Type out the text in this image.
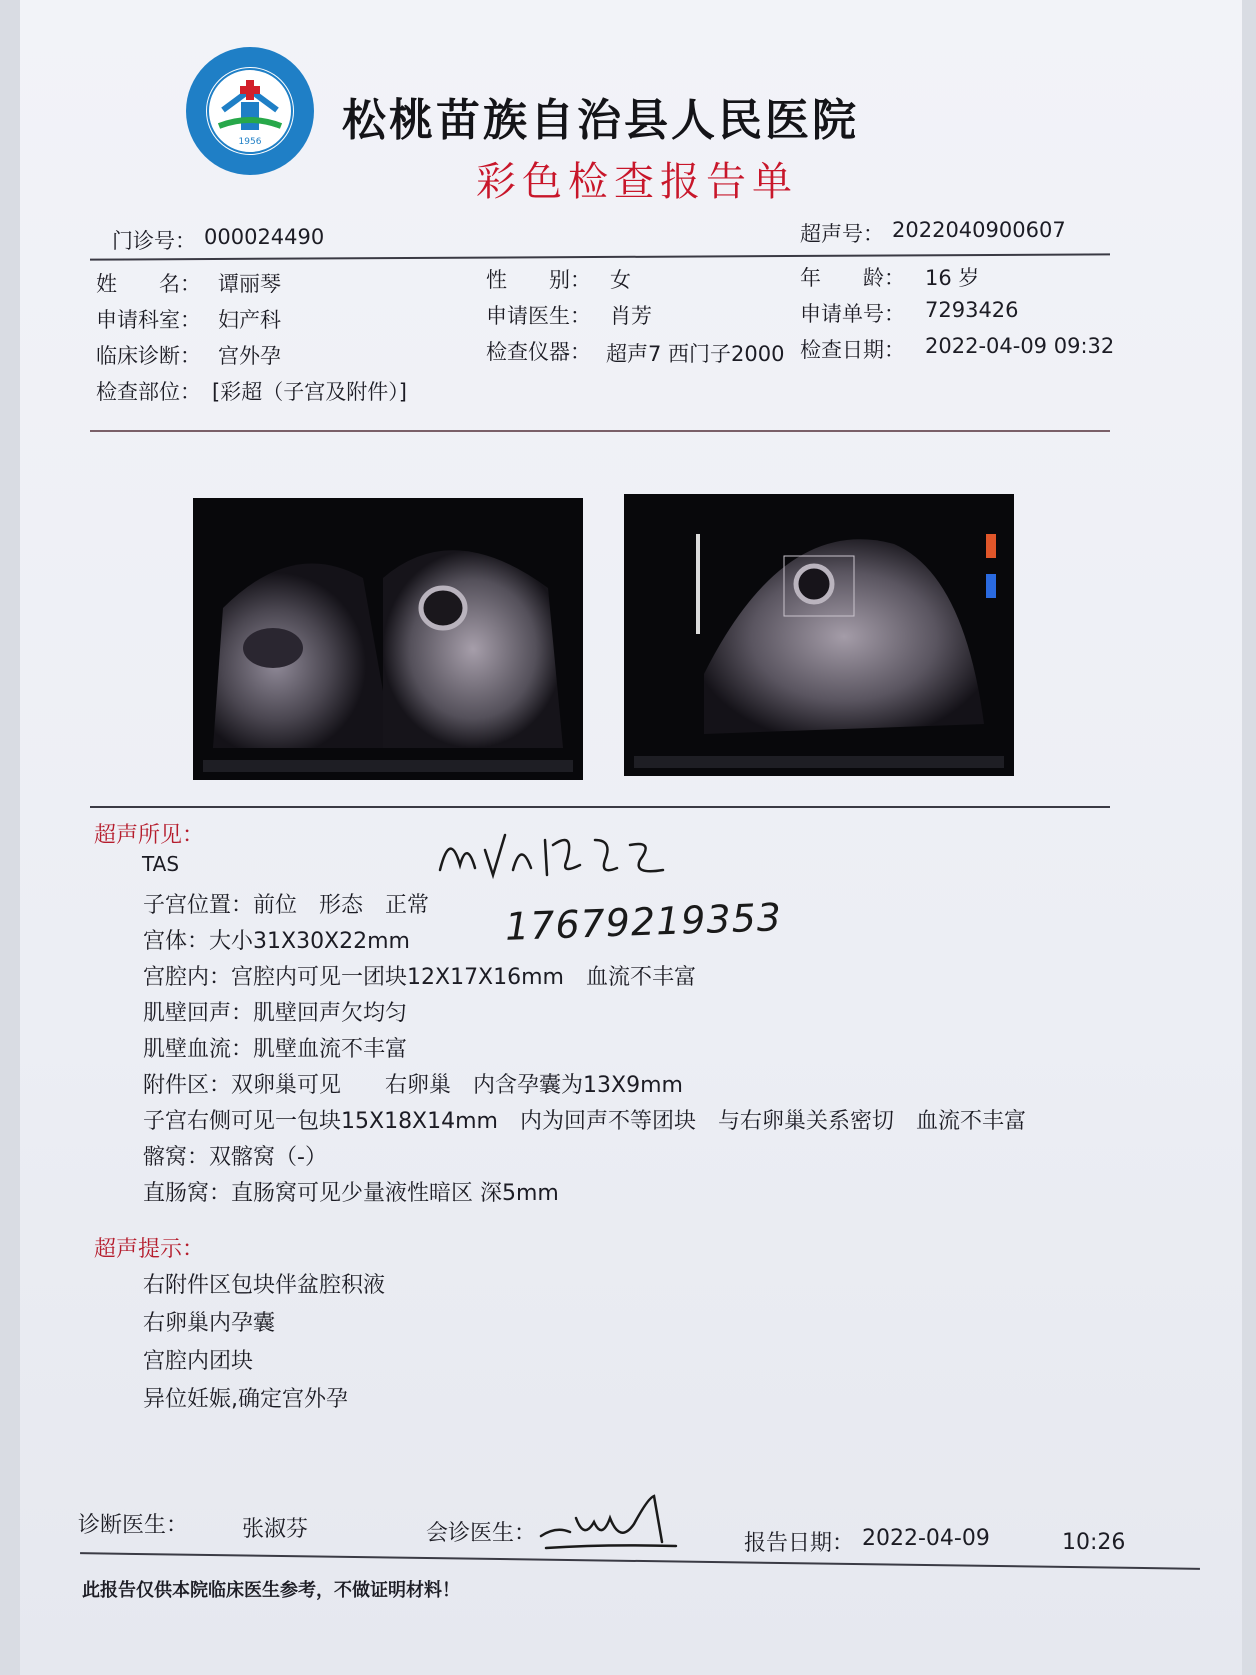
1956 松桃苗族自治县人民医院
彩色检查报告单
门诊号： 000024490	超声号： 20220409006​07
姓　　名： 谭丽琴	性　　别： 女	年　　龄： 16 岁
申请科室： 妇产科	申请医生： 肖芳	申请单号： 7293426
临床诊断： 宫外孕	检查仪器： 超声7 西门子2000 检查日期： 2022-04-09 09:32
检查部位： [彩超（子宫及附件）]
超声所见：
TAS
子宫位置：前位　形态　正常
宫体：大小31X30X22mm
宫腔内：宫腔内可见一团块12X17X16mm　血流不丰富
肌壁回声：肌壁回声欠均匀
肌壁血流：肌壁血流不丰富
附件区：双卵巢可见　　右卵巢　内含孕囊为13X9mm
子宫右侧可见一包块15X18X14mm　内为回声不等团块　与右卵巢关系密切　血流不丰富
髂窝：双髂窝（-）
直肠窝：直肠窝可见少量液性暗区 深5mm
17679219353
超声提示：
右附件区包块伴盆腔积液
右卵巢内孕囊
宫腔内团块
异位妊娠,确定宫外孕
诊断医生： 张淑芬	会诊医生：	报告日期： 2022-04-09	10:26
此报告仅供本院临床医生参考，不做证明材料！
